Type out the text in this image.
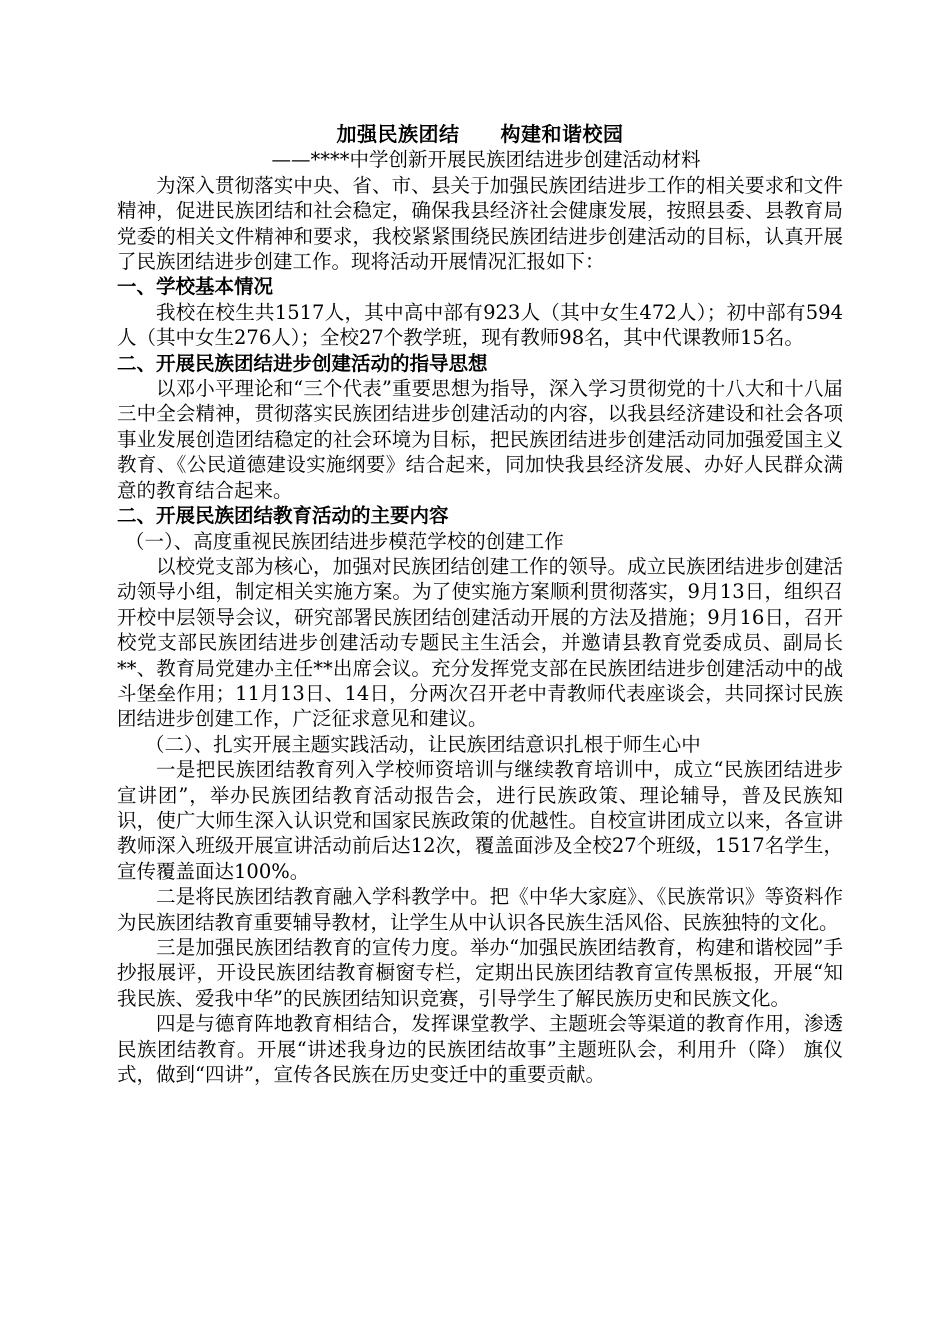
加强民族团结　　构建和谐校园

——****中学创新开展民族团结进步创建活动材料

为深入贯彻落实中央、省、市、县关于加强民族团结进步工作的相关要求和文件精神，促进民族团结和社会稳定，确保我县经济社会健康发展，按照县委、县教育局党委的相关文件精神和要求，我校紧紧围绕民族团结进步创建活动的目标，认真开展了民族团结进步创建工作。现将活动开展情况汇报如下：

一、学校基本情况

我校在校生共1517人，其中高中部有923人（其中女生472人）；初中部有594人（其中女生276人）；全校27个教学班，现有教师98名，其中代课教师15名。

二、开展民族团结进步创建活动的指导思想

以邓小平理论和“三个代表”重要思想为指导，深入学习贯彻党的十八大和十八届三中全会精神，贯彻落实民族团结进步创建活动的内容，以我县经济建设和社会各项事业发展创造团结稳定的社会环境为目标，把民族团结进步创建活动同加强爱国主义教育、《公民道德建设实施纲要》结合起来，同加快我县经济发展、办好人民群众满意的教育结合起来。

二、开展民族团结教育活动的主要内容

（一）、高度重视民族团结进步模范学校的创建工作

以校党支部为核心，加强对民族团结创建工作的领导。成立民族团结进步创建活动领导小组，制定相关实施方案。为了使实施方案顺利贯彻落实，9月13日，组织召开校中层领导会议，研究部署民族团结创建活动开展的方法及措施；9月16日，召开校党支部民族团结进步创建活动专题民主生活会，并邀请县教育党委成员、副局长**、教育局党建办主任**出席会议。充分发挥党支部在民族团结进步创建活动中的战斗堡垒作用；11月13日、14日，分两次召开老中青教师代表座谈会，共同探讨民族团结进步创建工作，广泛征求意见和建议。

（二）、扎实开展主题实践活动，让民族团结意识扎根于师生心中

一是把民族团结教育列入学校师资培训与继续教育培训中，成立“民族团结进步宣讲团”，举办民族团结教育活动报告会，进行民族政策、理论辅导，普及民族知识，使广大师生深入认识党和国家民族政策的优越性。自校宣讲团成立以来，各宣讲教师深入班级开展宣讲活动前后达12次，覆盖面涉及全校27个班级，1517名学生，宣传覆盖面达100%。

二是将民族团结教育融入学科教学中。把《中华大家庭》、《民族常识》等资料作为民族团结教育重要辅导教材，让学生从中认识各民族生活风俗、民族独特的文化。

三是加强民族团结教育的宣传力度。举办“加强民族团结教育，构建和谐校园”手抄报展评，开设民族团结教育橱窗专栏，定期出民族团结教育宣传黑板报，开展“知我民族、爱我中华”的民族团结知识竞赛，引导学生了解民族历史和民族文化。

四是与德育阵地教育相结合，发挥课堂教学、主题班会等渠道的教育作用，渗透民族团结教育。开展“讲述我身边的民族团结故事”主题班队会，利用升（降） 旗仪式，做到“四讲”，宣传各民族在历史变迁中的重要贡献。
